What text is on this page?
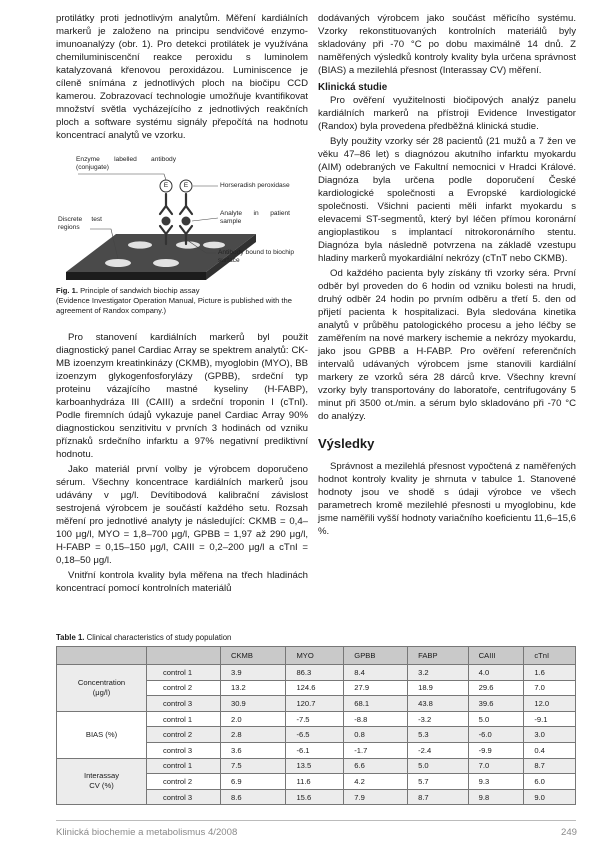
protilátky proti jednotlivým analytům. Měření kardiálních markerů je založeno na principu sendvičové enzymo-imunoanalýzy (obr. 1). Pro detekci protilátek je využívána chemiluminiscenční reakce peroxidu s luminolem katalyzovaná křenovou peroxidázou. Luminiscence je cíleně snímána z jednotlivých ploch na biočipu CCD kamerou. Zobrazovací technologie umožňuje kvantifikovat množství světla vycházejícího z jednotlivých reakčních ploch a software systému signály přepočítá na hodnotu koncentrací analytů ve vzorku.

E	E
Enzyme labelled antibody (conjugate)
Horseradish peroxidase
Analyte in patient sample
Discrete test regions
Antibody bound to biochip surface
Fig. 1. Principle of sandwich biochip assay
(Evidence Investigator Operation Manual, Picture is published with the agreement of Randox company.)

Pro stanovení kardiálních markerů byl použit diagnostický panel Cardiac Array se spektrem analytů: CK-MB izoenzym kreatinkinázy (CKMB), myoglobin (MYO), BB izoenzym glykogenfosforylázy (GPBB), srdeční typ proteinu vázajícího mastné kyseliny (H-FABP), karboanhydráza III (CAIII) a srdeční troponin I (cTnI). Podle firemních údajů vykazuje panel Cardiac Array 90% diagnostickou senzitivitu v prvních 3 hodinách od vzniku příznaků srdečního infarktu a 97% negativní prediktivní hodnotu.

Jako materiál první volby je výrobcem doporučeno sérum. Všechny koncentrace kardiálních markerů jsou udávány v μg/l. Devítibodová kalibrační závislost sestrojená výrobcem je součástí každého setu. Rozsah měření pro jednotlivé analyty je následující: CKMB = 0,4–100 μg/l, MYO = 1,8–700 μg/l, GPBB = 1,97 až 290 μg/l, H-FABP = 0,15–150 μg/l, CAIII = 0,2–200 μg/l a cTnI = 0,18–50 μg/l.

Vnitřní kontrola kvality byla měřena na třech hladinách koncentrací pomocí kontrolních materiálů

dodávaných výrobcem jako součást měřicího systému. Vzorky rekonstituovaných kontrolních materiálů byly skladovány při -70 °C po dobu maximálně 14 dnů. Z naměřených výsledků kontroly kvality byla určena správnost (BIAS) a mezilehlá přesnost (Interassay CV) měření.

Klinická studie

Pro ověření využitelnosti biočipových analýz panelu kardiálních markerů na přístroji Evidence Investigator (Randox) byla provedena předběžná klinická studie.

Byly použity vzorky sér 28 pacientů (21 mužů a 7 žen ve věku 47–86 let) s diagnózou akutního infarktu myokardu (AIM) odebraných ve Fakultní nemocnici v Hradci Králové. Diagnóza byla určena podle doporučení České kardiologické společnosti a Evropské kardiologické společnosti. Všichni pacienti měli infarkt myokardu s elevacemi ST-segmentů, který byl léčen přímou koronární angioplastikou s implantací nitrokoronárního stentu. Diagnóza byla následně potvrzena na základě vzestupu hladiny markerů myokardiální nekrózy (cTnT nebo CKMB).

Od každého pacienta byly získány tři vzorky séra. První odběr byl proveden do 6 hodin od vzniku bolesti na hrudi, druhý odběr 24 hodin po prvním odběru a třetí 5. den od přijetí pacienta k hospitalizaci. Byla sledována kinetika analytů v průběhu patologického procesu a jeho léčby se zaměřením na nové markery ischemie a nekrózy myokardu, jako jsou GPBB a H-FABP. Pro ověření referenčních intervalů udávaných výrobcem jsme stanovili kardiální markery ze vzorků séra 28 dárců krve. Všechny krevní vzorky byly transportovány do laboratoře, centrifugovány 5 minut při 3500 ot./min. a sérum bylo skladováno při -70 °C do analýzy.

Výsledky

Správnost a mezilehlá přesnost vypočtená z naměřených hodnot kontroly kvality je shrnuta v tabulce 1. Stanovené hodnoty jsou ve shodě s údaji výrobce ve všech parametrech kromě mezilehlé přesnosti u myoglobinu, kde jsme naměřili vyšší hodnoty variačního koeficientu 11,6–15,6 %.

Table 1. Clinical characteristics of study population
		CKMB	MYO	GPBB	FABP	CAIII	cTnI
Concentration
(μg/l)	control 1	3.9	86.3	8.4	3.2	4.0	1.6
	control 2	13.2	124.6	27.9	18.9	29.6	7.0
	control 3	30.9	120.7	68.1	43.8	39.6	12.0
BIAS (%)	control 1	2.0	-7.5	-8.8	-3.2	5.0	-9.1
	control 2	2.8	-6.5	0.8	5.3	-6.0	3.0
	control 3	3.6	-6.1	-1.7	-2.4	-9.9	0.4
Interassay
CV (%)	control 1	7.5	13.5	6.6	5.0	7.0	8.7
	control 2	6.9	11.6	4.2	5.7	9.3	6.0
	control 3	8.6	15.6	7.9	8.7	9.8	9.0
Klinická biochemie a metabolismus 4/2008	249
